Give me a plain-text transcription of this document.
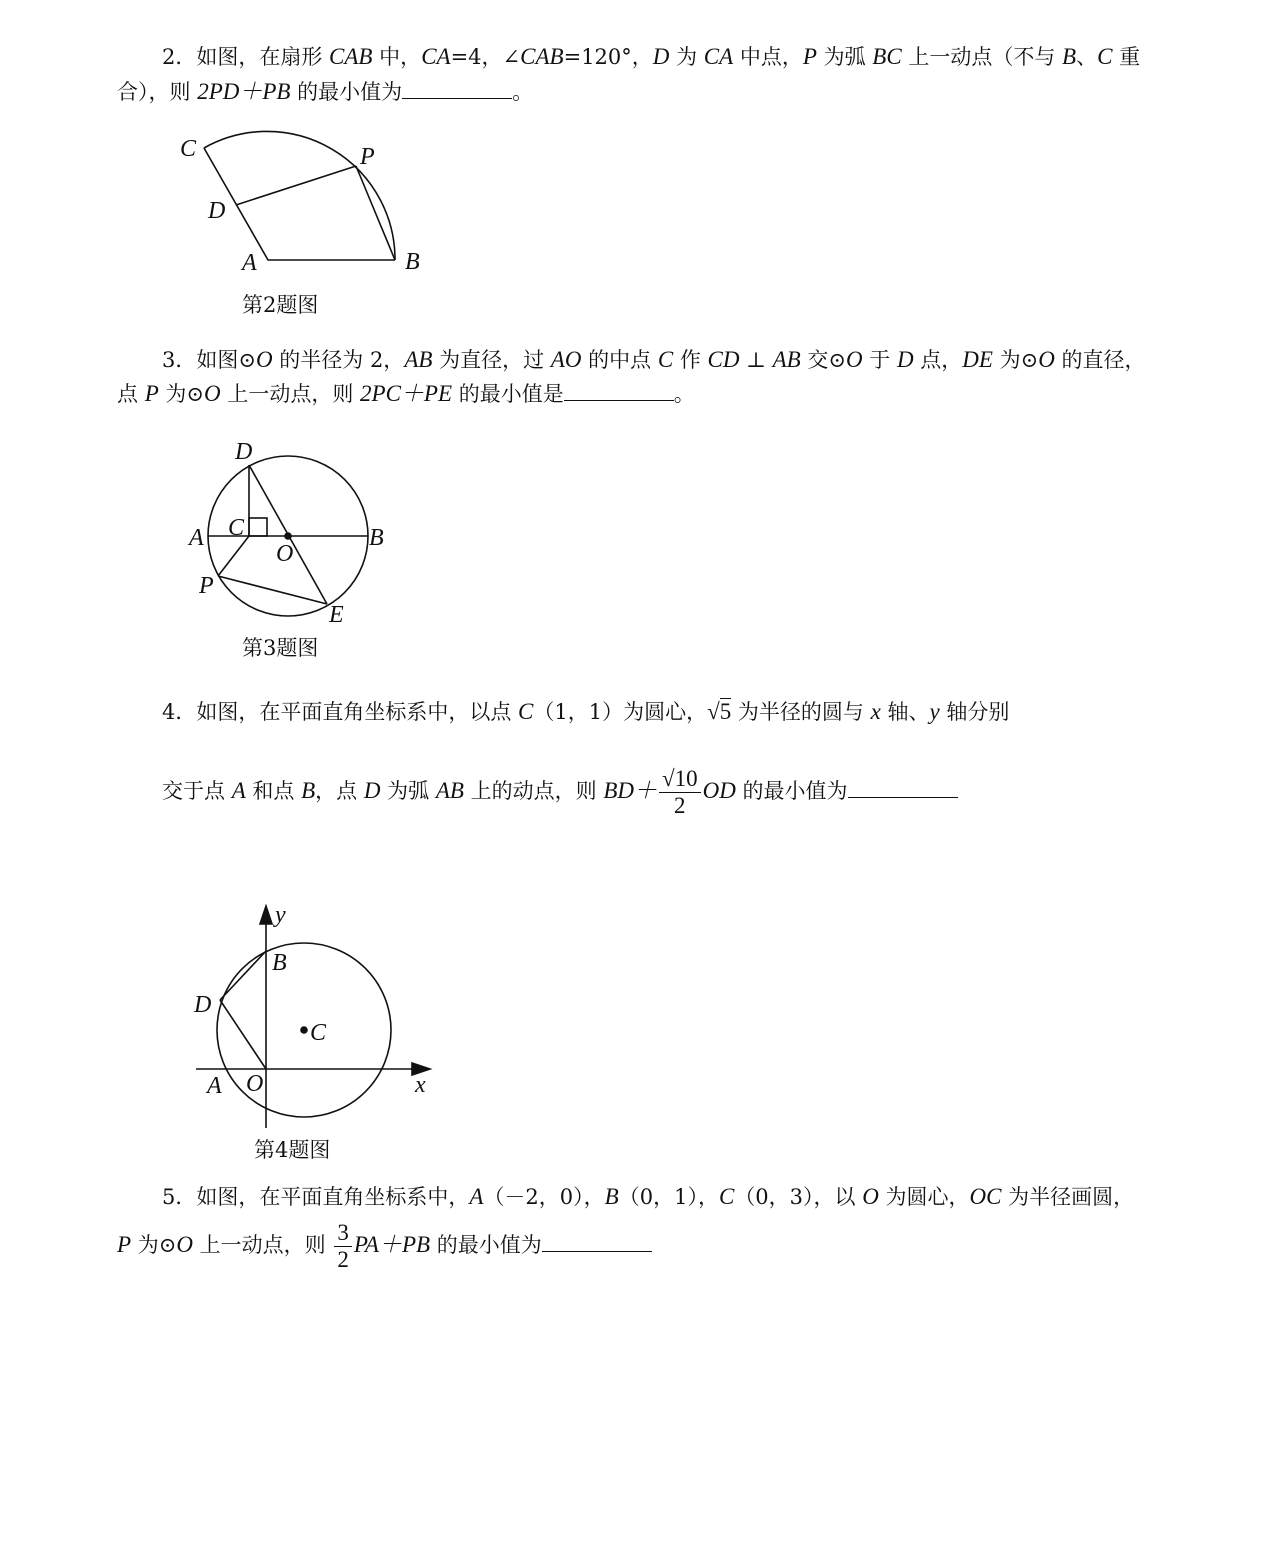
2．如图，在扇形 CAB 中，CA=4，∠CAB=120°，D 为 CA 中点，P 为弧 BC 上一动点（不与 B、C 重
合），则 2PD＋PB 的最小值为	。
C	P
D
A	B
第2题图
D
A C
O
B
P
E
第3题图
y
B
D
C
A O	x
第4题图
3．如图⊙O 的半径为 2，AB 为直径，过 AO 的中点 C 作 CD ⊥ AB 交⊙O 于 D 点，DE 为⊙O 的直径，
点 P 为⊙O 上一动点，则 2PC＋PE 的最小值是	。
4．如图，在平面直角坐标系中，以点 C（1，1）为圆心，√5 为半径的圆与 x 轴、y 轴分别
交于点 A 和点 B，点 D 为弧 AB 上的动点，则 $BD+ \frac{√10}{2}$ OD 的最小值为
5．如图，在平面直角坐标系中，A（－2，0），B（0，1），C（0，3），以 O 为圆心，OC 为半径画圆，
P 为⊙O 上一动点，则 $\frac{3}{2} PA+PB$ 的最小值为
